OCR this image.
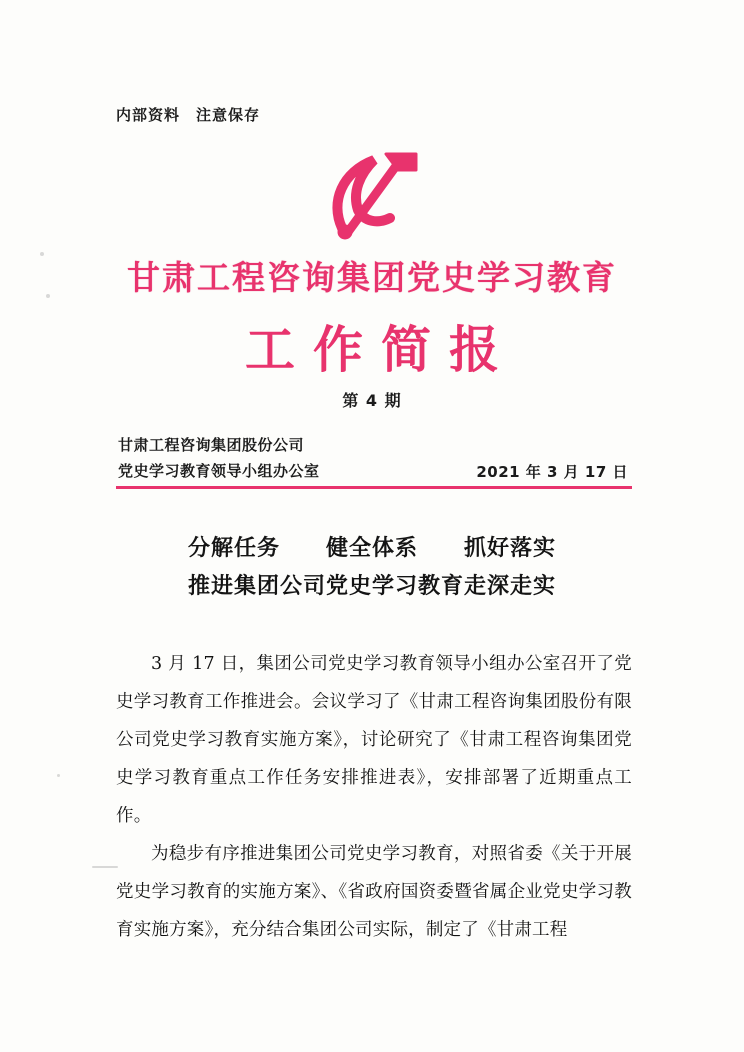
内部资料　注意保存
甘肃工程咨询集团党史学习教育
工作简报
第 4 期
甘肃工程咨询集团股份公司
党史学习教育领导小组办公室	2021 年 3 月 17 日
分解任务　　健全体系　　抓好落实
推进集团公司党史学习教育走深走实

3 月 17 日，集团公司党史学习教育领导小组办公室召开了党史学习教育工作推进会。会议学习了《甘肃工程咨询集团股份有限公司党史学习教育实施方案》，讨论研究了《甘肃工程咨询集团党史学习教育重点工作任务安排推进表》，安排部署了近期重点工作。

为稳步有序推进集团公司党史学习教育，对照省委《关于开展党史学习教育的实施方案》、《省政府国资委暨省属企业党史学习教育实施方案》，充分结合集团公司实际，制定了《甘肃工程
